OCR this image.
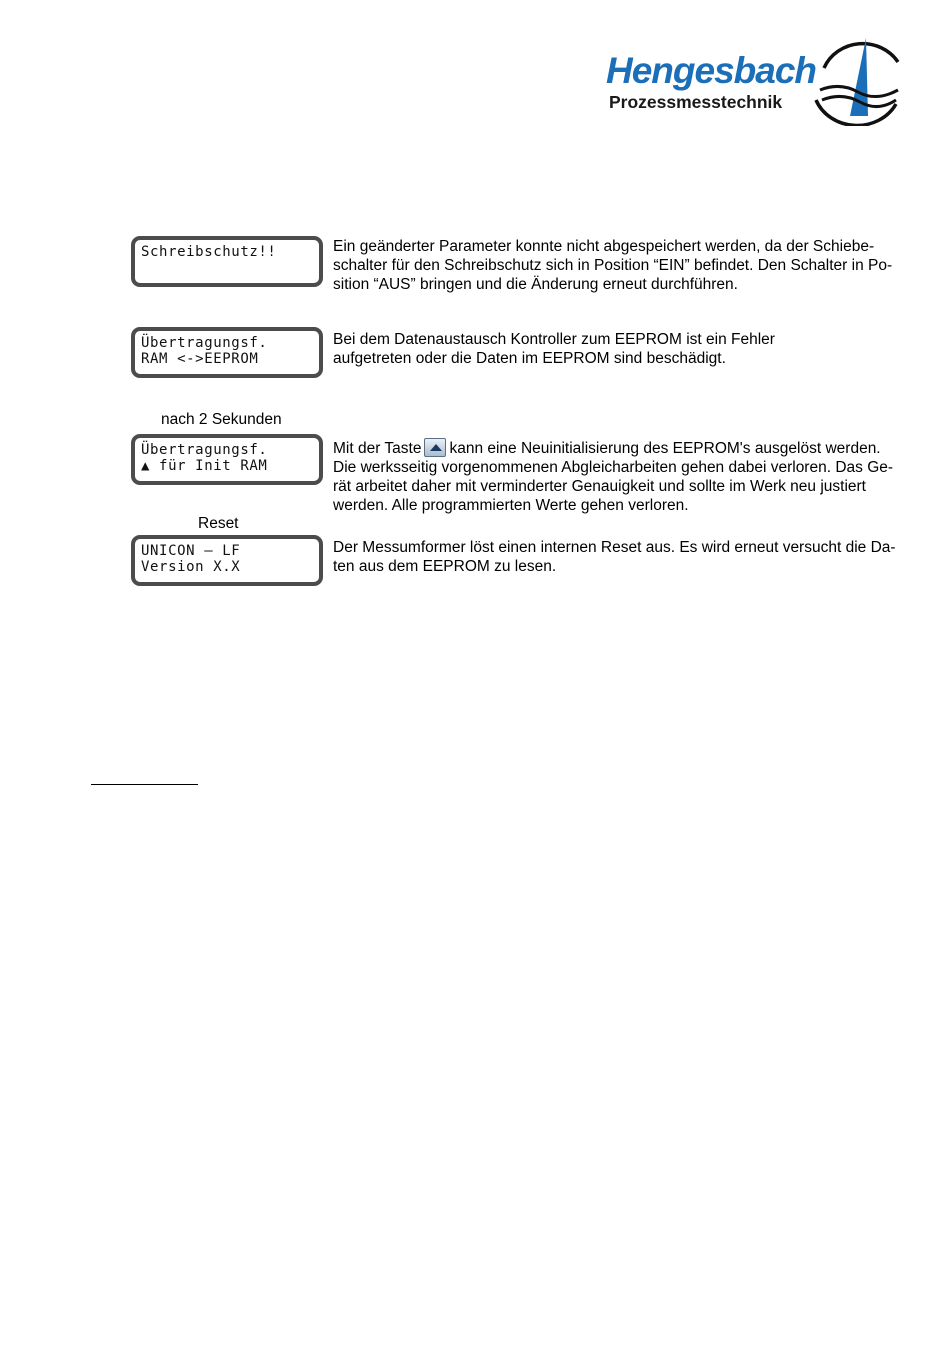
Hengesbach
Prozessmesstechnik
Schreibschutz!!	Ein geänderter Parameter konnte nicht abgespeichert werden, da der Schiebe-

schalter für den Schreibschutz sich in Position “EIN” befindet. Den Schalter in Po-

sition “AUS” bringen und die Änderung erneut durchführen.

Übertragungsf.
RAM <->EEPROM

Bei dem Datenaustausch Kontroller zum EEPROM ist ein Fehler

aufgetreten oder die Daten im EEPROM sind beschädigt.

nach 2 Sekunden
Übertragungsf.
▲ für Init RAM

Mit der Taste kann eine Neuinitialisierung des EEPROM's ausgelöst werden.

Die werksseitig vorgenommenen Abgleicharbeiten gehen dabei verloren. Das Ge-

rät arbeitet daher mit verminderter Genauigkeit und sollte im Werk neu justiert

werden. Alle programmierten Werte gehen verloren.

Reset
UNICON – LF
Version X.X

Der Messumformer löst einen internen Reset aus. Es wird erneut versucht die Da-

ten aus dem EEPROM zu lesen.
